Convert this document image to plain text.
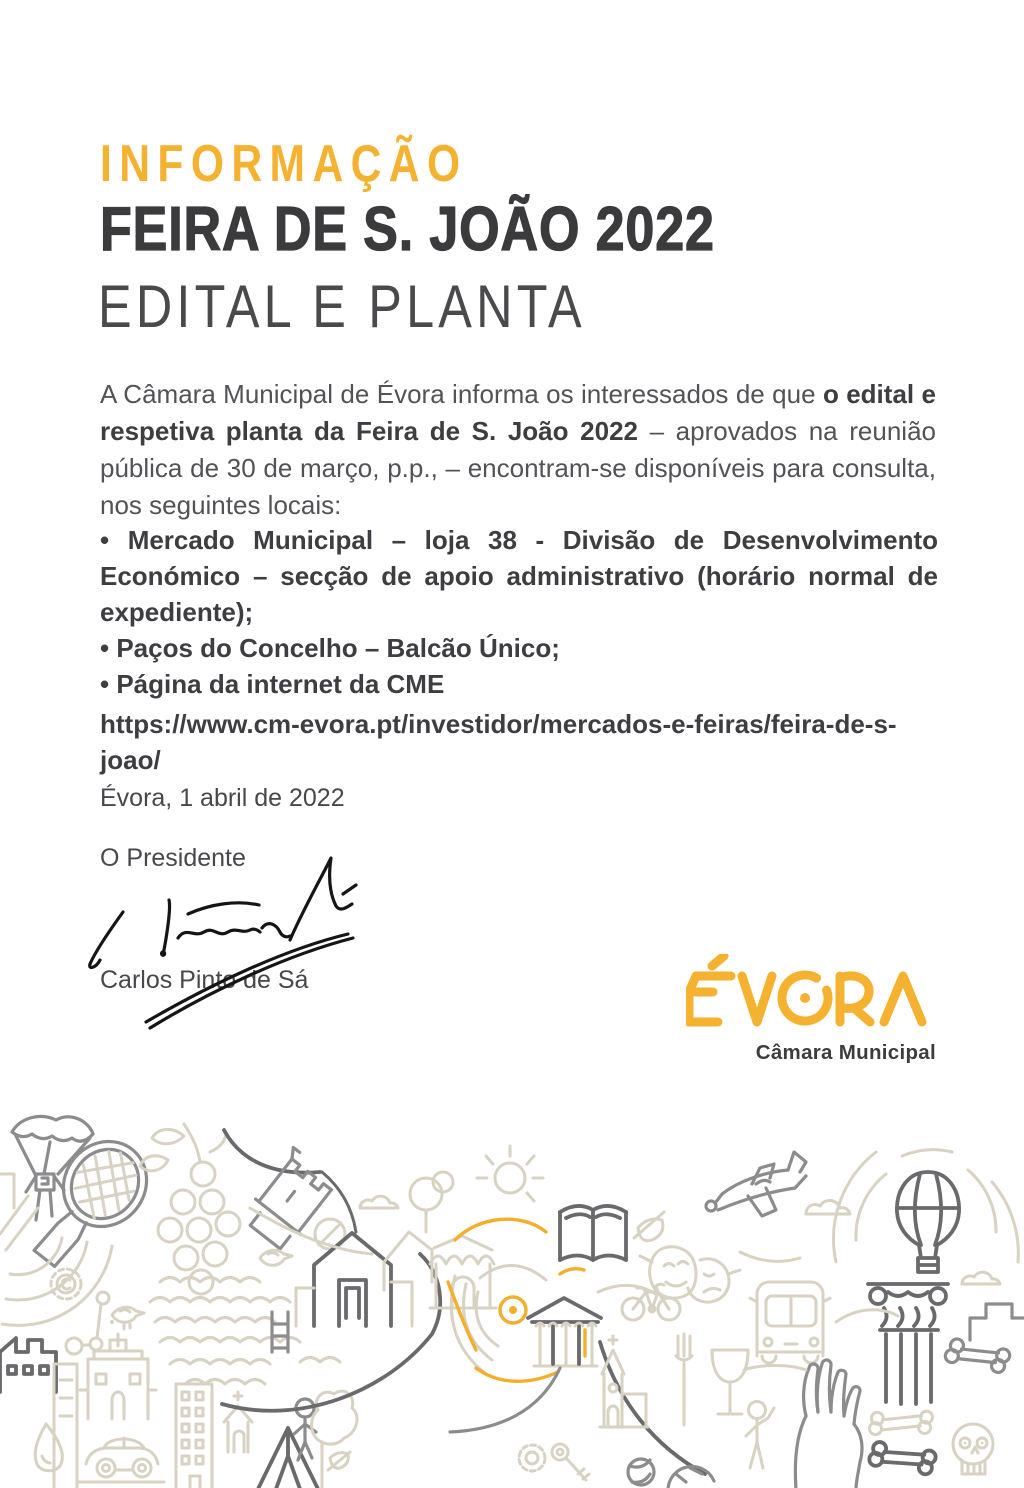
INFORMAÇÃO
FEIRA DE S. JOÃO 2022
EDITAL E PLANTA

A Câmara Municipal de Évora informa os interessados de que o edital e respetiva planta da Feira de S. João 2022 – aprovados na reunião pública de 30 de março, p.p., – encontram-se disponíveis para consulta, nos seguintes locais:

• Mercado Municipal – loja 38 - Divisão de Desenvolvimento Económico – secção de apoio administrativo (horário normal de expediente);

• Paços do Concelho – Balcão Único;

• Página da internet da CME

https://www.cm-evora.pt/investidor/mercados-e-feiras/feira-de-s-joao/

Évora, 1 abril de 2022
O Presidente
Carlos Pinto de Sá
Câmara Municipal
